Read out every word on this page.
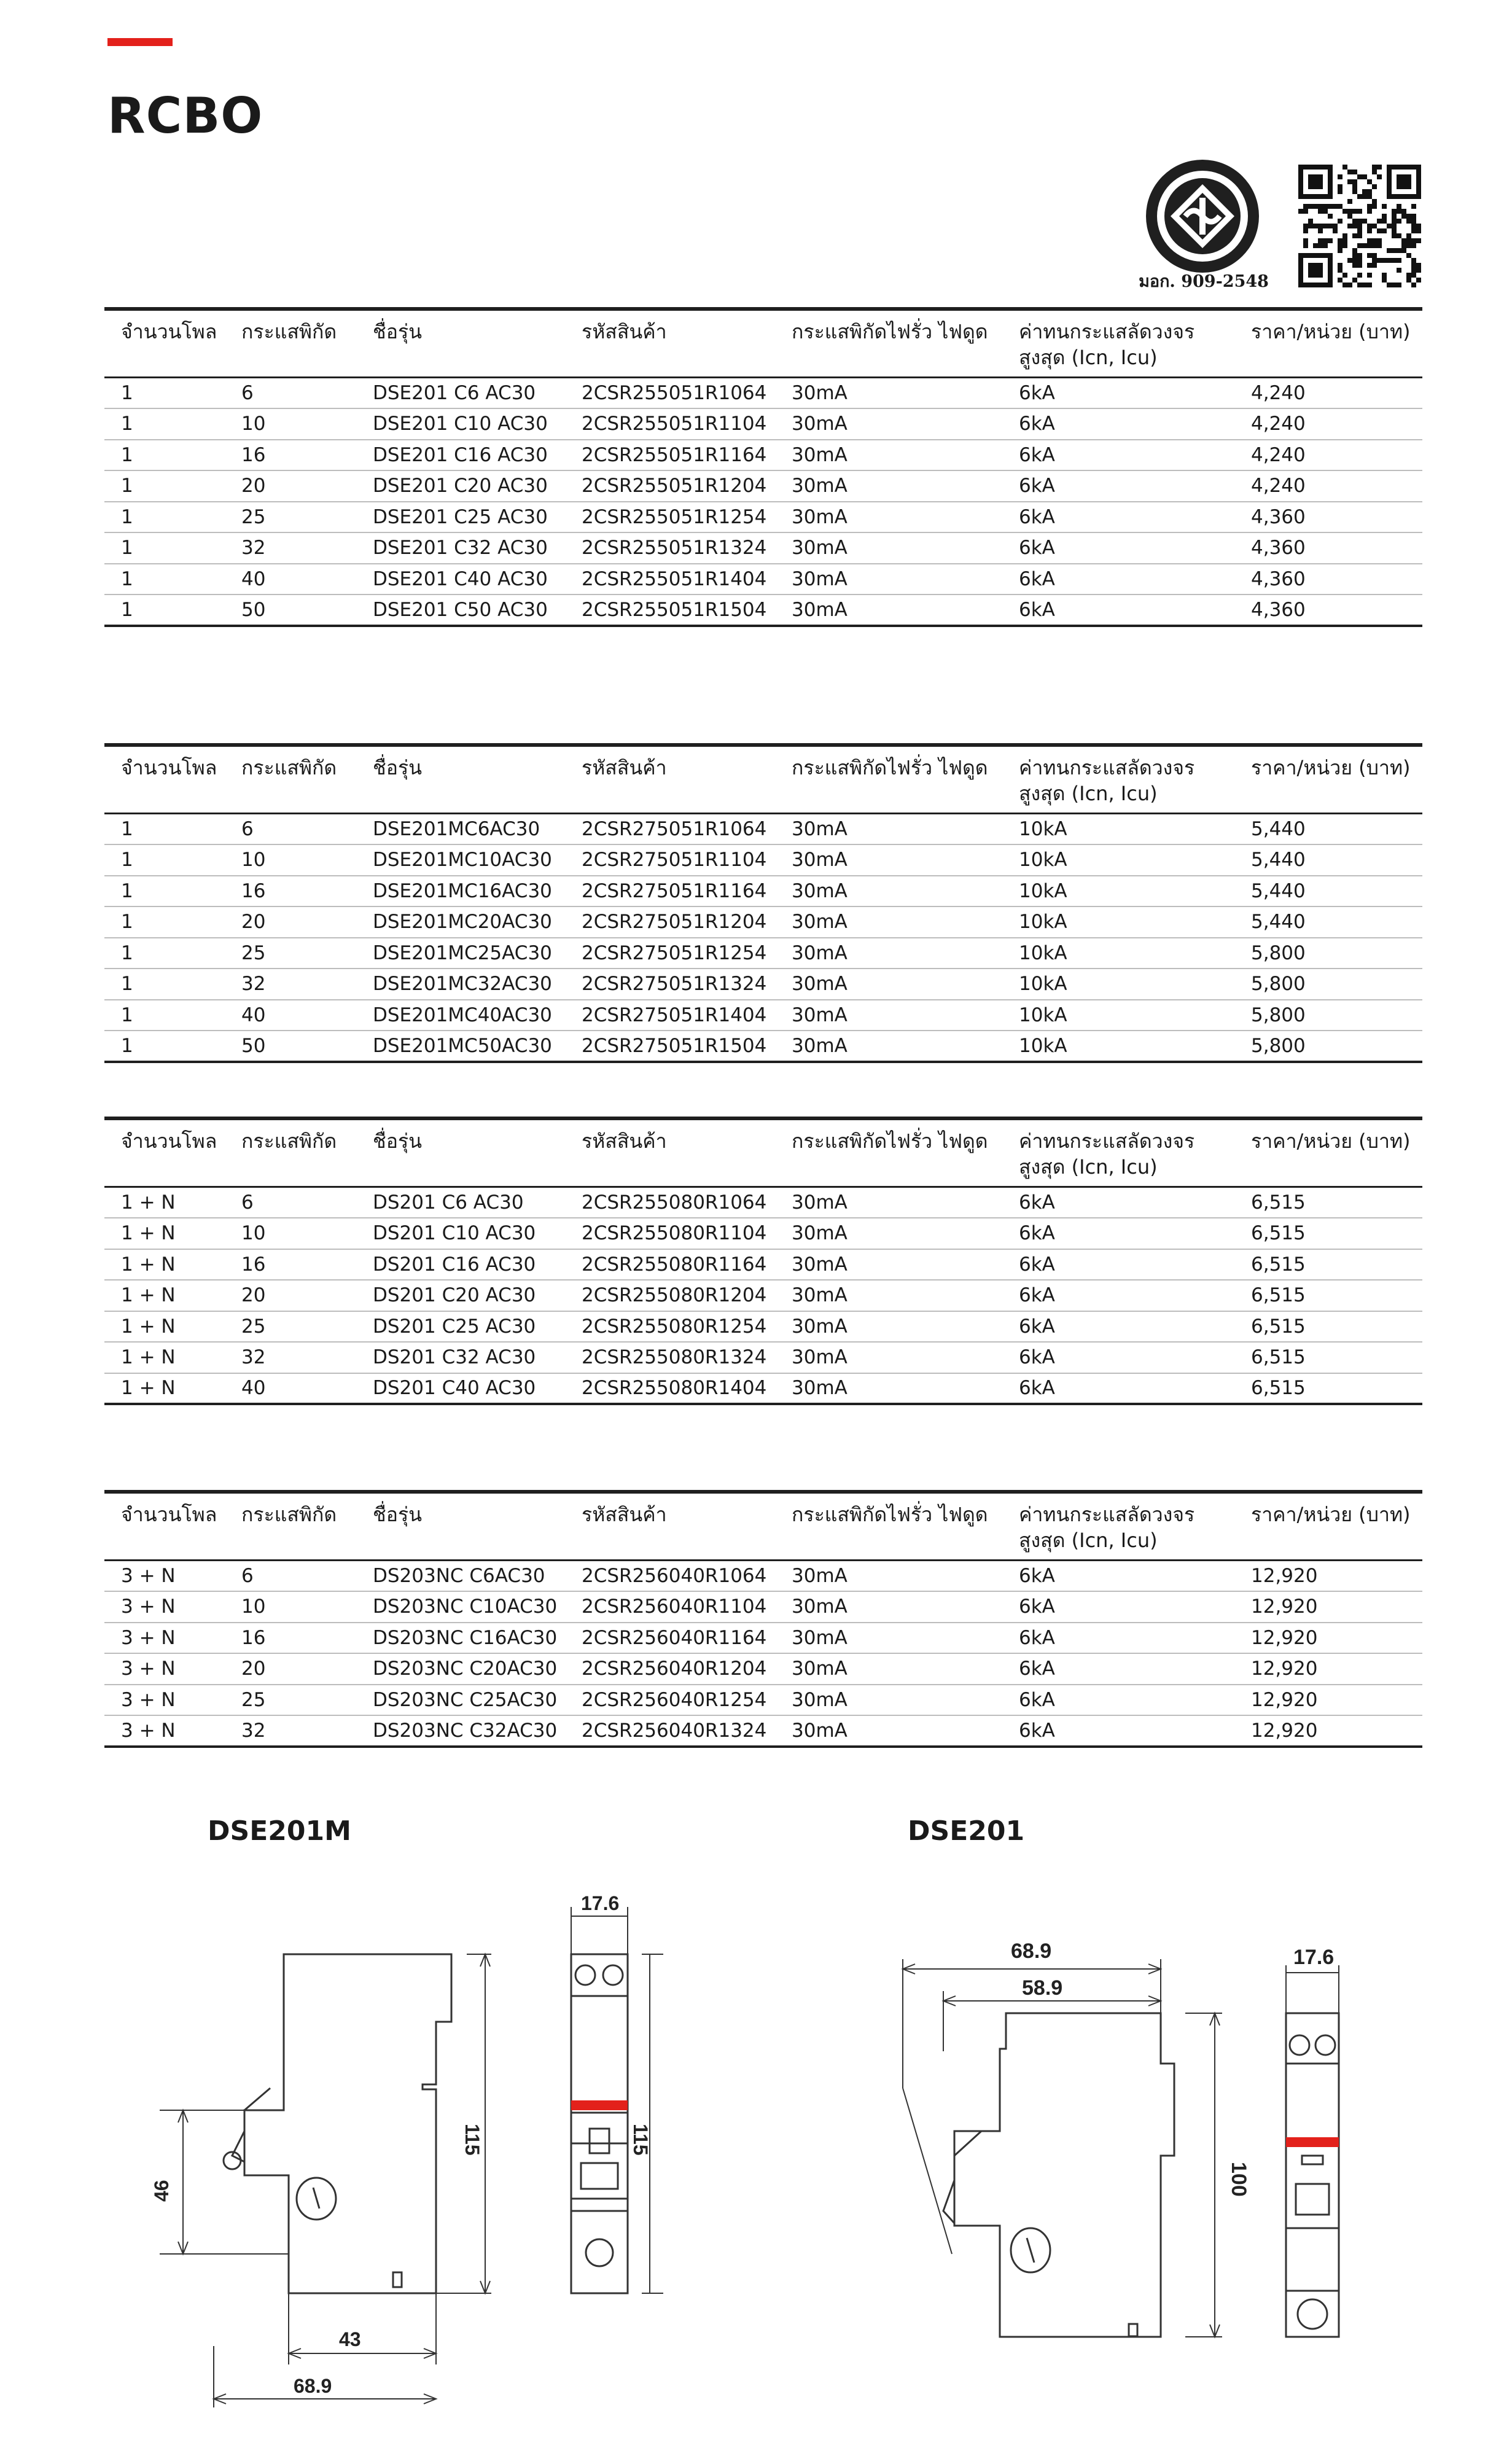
RCBO
มอก. 909-2548
จำนวนโพล	กระแสพิกัด	ชื่อรุ่น	รหัสสินค้า	กระแสพิกัดไฟรั่ว ไฟดูด	ค่าทนกระแสลัดวงจรสูงสุด (Icn, Icu)	ราคา/หน่วย (บาท)
1	6	DSE201 C6 AC30	2CSR255051R1064	30mA	6kA	4,240
1	10	DSE201 C10 AC30	2CSR255051R1104	30mA	6kA	4,240
1	16	DSE201 C16 AC30	2CSR255051R1164	30mA	6kA	4,240
1	20	DSE201 C20 AC30	2CSR255051R1204	30mA	6kA	4,240
1	25	DSE201 C25 AC30	2CSR255051R1254	30mA	6kA	4,360
1	32	DSE201 C32 AC30	2CSR255051R1324	30mA	6kA	4,360
1	40	DSE201 C40 AC30	2CSR255051R1404	30mA	6kA	4,360
1	50	DSE201 C50 AC30	2CSR255051R1504	30mA	6kA	4,360
จำนวนโพล	กระแสพิกัด	ชื่อรุ่น	รหัสสินค้า	กระแสพิกัดไฟรั่ว ไฟดูด	ค่าทนกระแสลัดวงจรสูงสุด (Icn, Icu)	ราคา/หน่วย (บาท)
1	6	DSE201MC6AC30	2CSR275051R1064	30mA	10kA	5,440
1	10	DSE201MC10AC30	2CSR275051R1104	30mA	10kA	5,440
1	16	DSE201MC16AC30	2CSR275051R1164	30mA	10kA	5,440
1	20	DSE201MC20AC30	2CSR275051R1204	30mA	10kA	5,440
1	25	DSE201MC25AC30	2CSR275051R1254	30mA	10kA	5,800
1	32	DSE201MC32AC30	2CSR275051R1324	30mA	10kA	5,800
1	40	DSE201MC40AC30	2CSR275051R1404	30mA	10kA	5,800
1	50	DSE201MC50AC30	2CSR275051R1504	30mA	10kA	5,800
จำนวนโพล	กระแสพิกัด	ชื่อรุ่น	รหัสสินค้า	กระแสพิกัดไฟรั่ว ไฟดูด	ค่าทนกระแสลัดวงจรสูงสุด (Icn, Icu)	ราคา/หน่วย (บาท)
1 + N	6	DS201 C6 AC30	2CSR255080R1064	30mA	6kA	6,515
1 + N	10	DS201 C10 AC30	2CSR255080R1104	30mA	6kA	6,515
1 + N	16	DS201 C16 AC30	2CSR255080R1164	30mA	6kA	6,515
1 + N	20	DS201 C20 AC30	2CSR255080R1204	30mA	6kA	6,515
1 + N	25	DS201 C25 AC30	2CSR255080R1254	30mA	6kA	6,515
1 + N	32	DS201 C32 AC30	2CSR255080R1324	30mA	6kA	6,515
1 + N	40	DS201 C40 AC30	2CSR255080R1404	30mA	6kA	6,515
จำนวนโพล	กระแสพิกัด	ชื่อรุ่น	รหัสสินค้า	กระแสพิกัดไฟรั่ว ไฟดูด	ค่าทนกระแสลัดวงจรสูงสุด (Icn, Icu)	ราคา/หน่วย (บาท)
3 + N	6	DS203NC C6AC30	2CSR256040R1064	30mA	6kA	12,920
3 + N	10	DS203NC C10AC30	2CSR256040R1104	30mA	6kA	12,920
3 + N	16	DS203NC C16AC30	2CSR256040R1164	30mA	6kA	12,920
3 + N	20	DS203NC C20AC30	2CSR256040R1204	30mA	6kA	12,920
3 + N	25	DS203NC C25AC30	2CSR256040R1254	30mA	6kA	12,920
3 + N	32	DS203NC C32AC30	2CSR256040R1324	30mA	6kA	12,920
DSE201M
115	115
17.6
46
43
68.9
DSE201
68.9
58.9
17.6
100
